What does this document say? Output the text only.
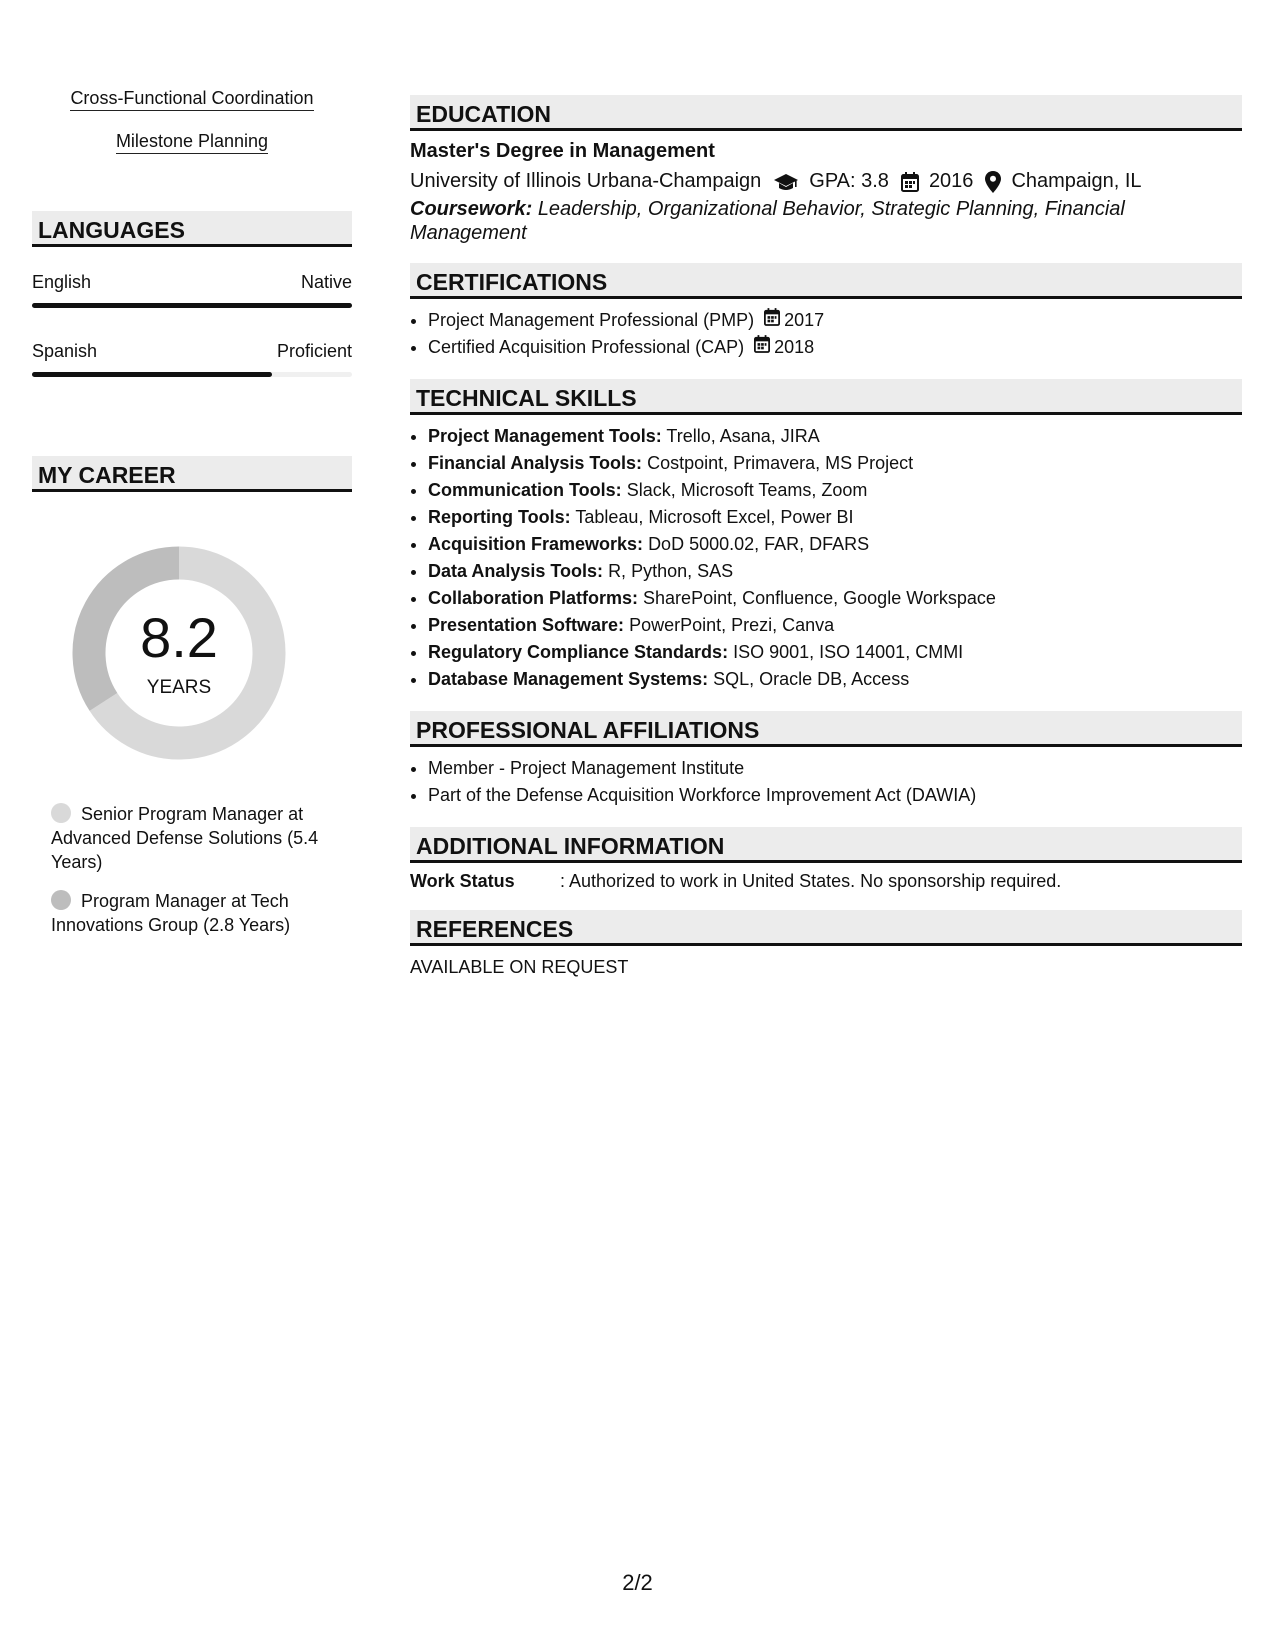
Cross-Functional Coordination
Milestone Planning
LANGUAGES
English	Native
Spanish	Proficient
MY CAREER
8.2
YEARS
Senior Program Manager at Advanced Defense Solutions (5.4 Years)
Program Manager at Tech Innovations Group (2.8 Years)
EDUCATION
Master's Degree in Management
University of Illinois Urbana-Champaign GPA: 3.8 2016 Champaign, IL
Coursework: Leadership, Organizational Behavior, Strategic Planning, Financial Management
CERTIFICATIONS
• Project Management Professional (PMP) 2017
• Certified Acquisition Professional (CAP) 2018
TECHNICAL SKILLS
• Project Management Tools: Trello, Asana, JIRA
• Financial Analysis Tools: Costpoint, Primavera, MS Project
• Communication Tools: Slack, Microsoft Teams, Zoom
• Reporting Tools: Tableau, Microsoft Excel, Power BI
• Acquisition Frameworks: DoD 5000.02, FAR, DFARS
• Data Analysis Tools: R, Python, SAS
• Collaboration Platforms: SharePoint, Confluence, Google Workspace
• Presentation Software: PowerPoint, Prezi, Canva
• Regulatory Compliance Standards: ISO 9001, ISO 14001, CMMI
• Database Management Systems: SQL, Oracle DB, Access
PROFESSIONAL AFFILIATIONS
• Member - Project Management Institute
• Part of the Defense Acquisition Workforce Improvement Act (DAWIA)
ADDITIONAL INFORMATION
Work Status	: Authorized to work in United States. No sponsorship required.
REFERENCES
AVAILABLE ON REQUEST
2/2
